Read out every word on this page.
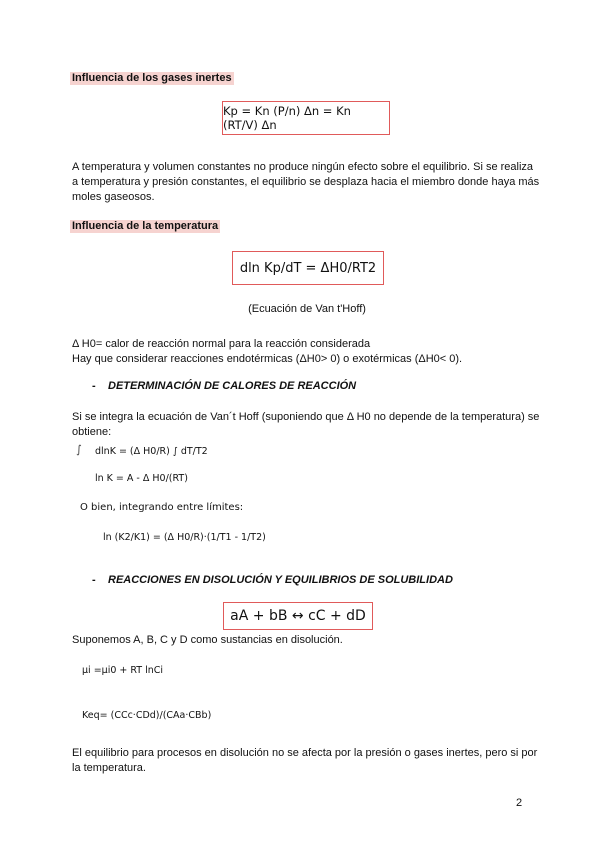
Influencia de los gases inertes
Kp = Kn (P/n) Δn = Kn (RT/V) Δn
A temperatura y volumen constantes no produce ningún efecto sobre el equilibrio. Si se realiza a temperatura y presión constantes, el equilibrio se desplaza hacia el miembro donde haya más moles gaseosos.
Influencia de la temperatura
dln Kp/dT = ΔH0/RT2
(Ecuación de Van t'Hoff)
Δ H0= calor de reacción normal para la reacción considerada
Hay que considerar reacciones endotérmicas (ΔH0> 0) o exotérmicas (ΔH0< 0).
- DETERMINACIÓN DE CALORES DE REACCIÓN
Si se integra la ecuación de Van´t Hoff (suponiendo que Δ H0 no depende de la temperatura) se obtiene:
∫ dlnK = (Δ H0/R) ∫ dT/T2
ln K = A - Δ H0/(RT)
O bien, integrando entre límites:
ln (K2/K1) = (Δ H0/R)·(1/T1 - 1/T2)
- REACCIONES EN DISOLUCIÓN Y EQUILIBRIOS DE SOLUBILIDAD
aA + bB ↔ cC + dD
Suponemos A, B, C y D como sustancias en disolución.
μi =μi0 + RT lnCi
Keq= (CCc·CDd)/(CAa·CBb)
El equilibrio para procesos en disolución no se afecta por la presión o gases inertes, pero si por la temperatura.
2
